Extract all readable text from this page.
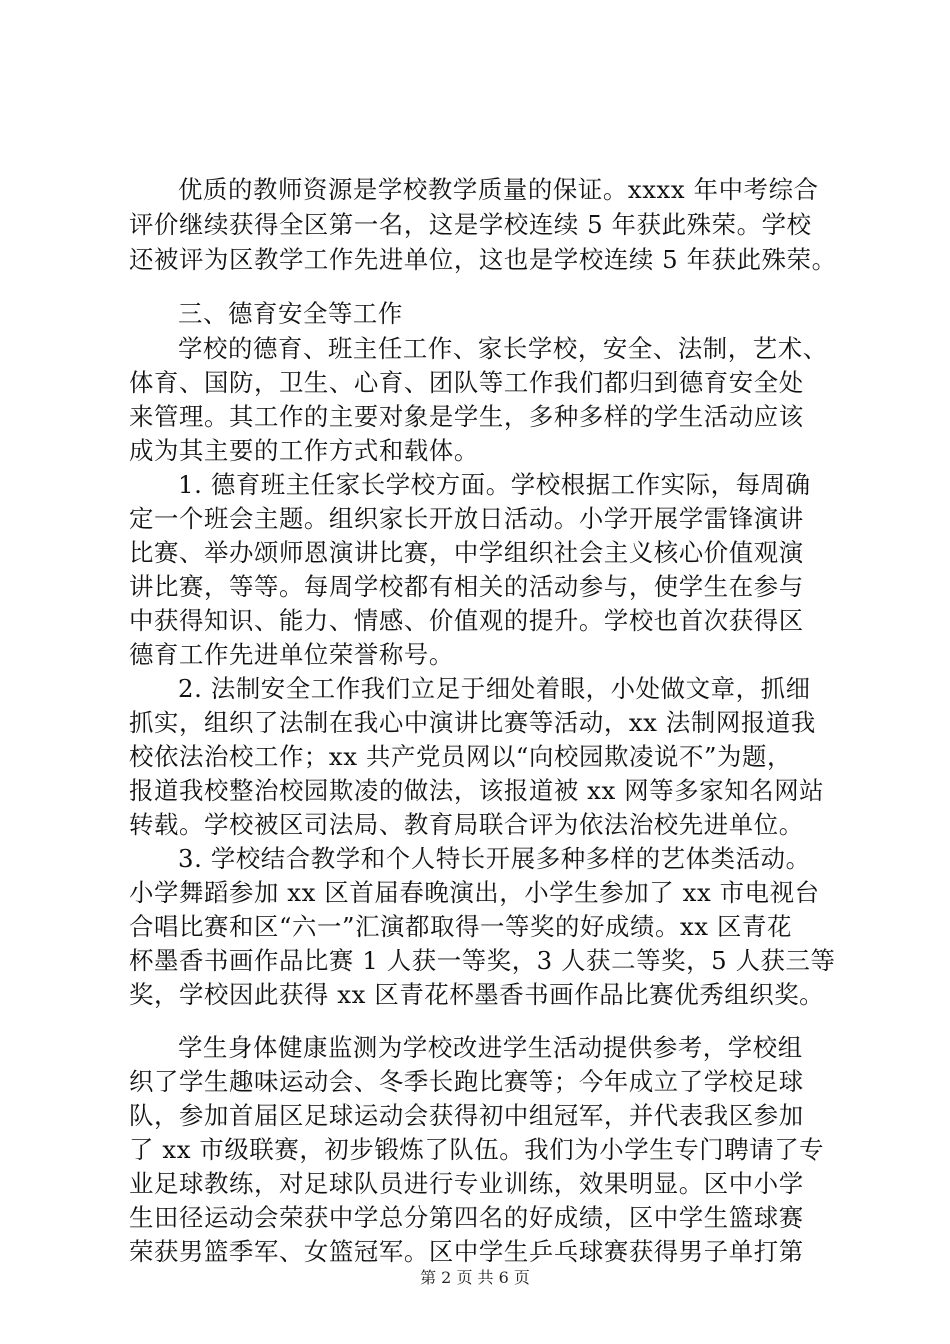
优质的教师资源是学校教学质量的保证。xxxx 年中考综合
评价继续获得全区第一名，这是学校连续 5 年获此殊荣。学校
还被评为区教学工作先进单位，这也是学校连续 5 年获此殊荣。
三、德育安全等工作
学校的德育、班主任工作、家长学校，安全、法制，艺术、
体育、国防，卫生、心育、团队等工作我们都归到德育安全处
来管理。其工作的主要对象是学生，多种多样的学生活动应该
成为其主要的工作方式和载体。
1. 德育班主任家长学校方面。学校根据工作实际，每周确
定一个班会主题。组织家长开放日活动。小学开展学雷锋演讲
比赛、举办颂师恩演讲比赛，中学组织社会主义核心价值观演
讲比赛，等等。每周学校都有相关的活动参与，使学生在参与
中获得知识、能力、情感、价值观的提升。学校也首次获得区
德育工作先进单位荣誉称号。
2. 法制安全工作我们立足于细处着眼，小处做文章，抓细
抓实，组织了法制在我心中演讲比赛等活动，xx 法制网报道我
校依法治校工作；xx 共产党员网以“向校园欺凌说不”为题，
报道我校整治校园欺凌的做法，该报道被 xx 网等多家知名网站
转载。学校被区司法局、教育局联合评为依法治校先进单位。
3. 学校结合教学和个人特长开展多种多样的艺体类活动。
小学舞蹈参加 xx 区首届春晚演出，小学生参加了 xx 市电视台
合唱比赛和区“六一”汇演都取得一等奖的好成绩。xx 区青花
杯墨香书画作品比赛 1 人获一等奖，3 人获二等奖，5 人获三等
奖，学校因此获得 xx 区青花杯墨香书画作品比赛优秀组织奖。
学生身体健康监测为学校改进学生活动提供参考，学校组
织了学生趣味运动会、冬季长跑比赛等；今年成立了学校足球
队，参加首届区足球运动会获得初中组冠军，并代表我区参加
了 xx 市级联赛，初步锻炼了队伍。我们为小学生专门聘请了专
业足球教练，对足球队员进行专业训练，效果明显。区中小学
生田径运动会荣获中学总分第四名的好成绩，区中学生篮球赛
荣获男篮季军、女篮冠军。区中学生乒乓球赛获得男子单打第
第 2 页 共 6 页
